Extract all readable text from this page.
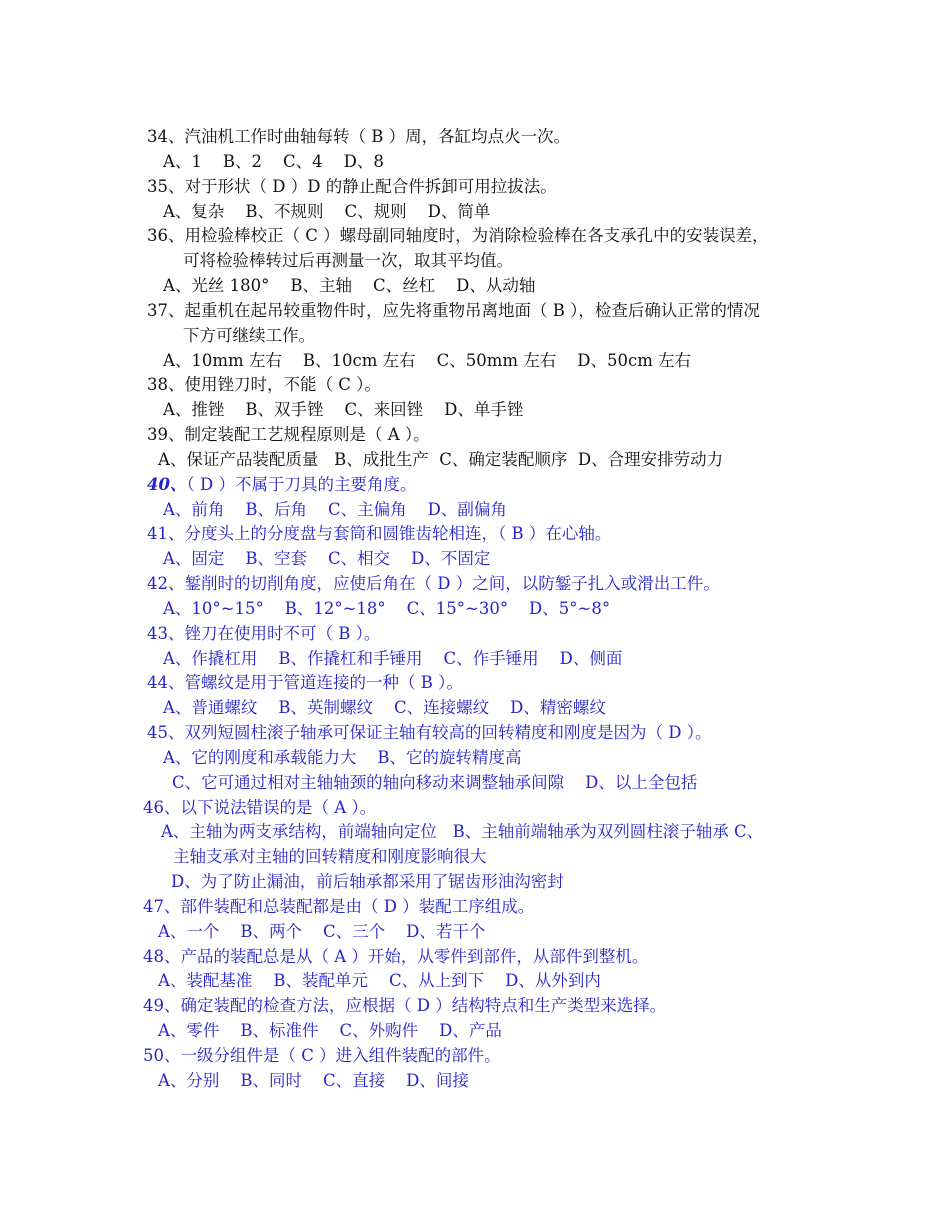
34、汽油机工作时曲轴每转（ B ）周，各缸均点火一次。
A、1    B、2    C、4    D、8
35、对于形状（ D ）D 的静止配合件拆卸可用拉拔法。
A、复杂    B、不规则    C、规则    D、简单
36、用检验棒校正（ C ）螺母副同轴度时，为消除检验棒在各支承孔中的安装误差，
可将检验棒转过后再测量一次，取其平均值。
A、光丝 180°    B、主轴    C、丝杠    D、从动轴
37、起重机在起吊较重物件时，应先将重物吊离地面（ B ），检查后确认正常的情况
下方可继续工作。
A、10mm 左右    B、10cm 左右    C、50mm 左右    D、50cm 左右
38、使用锉刀时，不能（ C ）。
A、推锉    B、双手锉    C、来回锉    D、单手锉
39、制定装配工艺规程原则是（ A ）。
A、保证产品装配质量   B、成批生产  C、确定装配顺序  D、合理安排劳动力
40、（ D ）不属于刀具的主要角度。
A、前角    B、后角    C、主偏角    D、副偏角
41、分度头上的分度盘与套筒和圆锥齿轮相连，（ B ）在心轴。
A、固定    B、空套    C、相交    D、不固定
42、錾削时的切削角度，应使后角在（ D ）之间，以防錾子扎入或滑出工件。
A、10°~15°    B、12°~18°    C、15°~30°    D、5°~8°
43、锉刀在使用时不可（ B ）。
A、作撬杠用    B、作撬杠和手锤用    C、作手锤用    D、侧面
44、管螺纹是用于管道连接的一种（ B ）。
A、普通螺纹    B、英制螺纹    C、连接螺纹    D、精密螺纹
45、双列短圆柱滚子轴承可保证主轴有较高的回转精度和刚度是因为（ D ）。
A、它的刚度和承载能力大    B、它的旋转精度高
C、它可通过相对主轴轴颈的轴向移动来调整轴承间隙    D、以上全包括
46、以下说法错误的是（ A ）。
A、主轴为两支承结构，前端轴向定位   B、主轴前端轴承为双列圆柱滚子轴承 C、
主轴支承对主轴的回转精度和刚度影响很大
D、为了防止漏油，前后轴承都采用了锯齿形油沟密封
47、部件装配和总装配都是由（ D ）装配工序组成。
A、一个    B、两个    C、三个    D、若干个
48、产品的装配总是从（ A ）开始，从零件到部件，从部件到整机。
A、装配基准    B、装配单元    C、从上到下    D、从外到内
49、确定装配的检查方法，应根据（ D ）结构特点和生产类型来选择。
A、零件    B、标准件    C、外购件    D、产品
50、一级分组件是（ C ）进入组件装配的部件。
A、分别    B、同时    C、直接    D、间接
